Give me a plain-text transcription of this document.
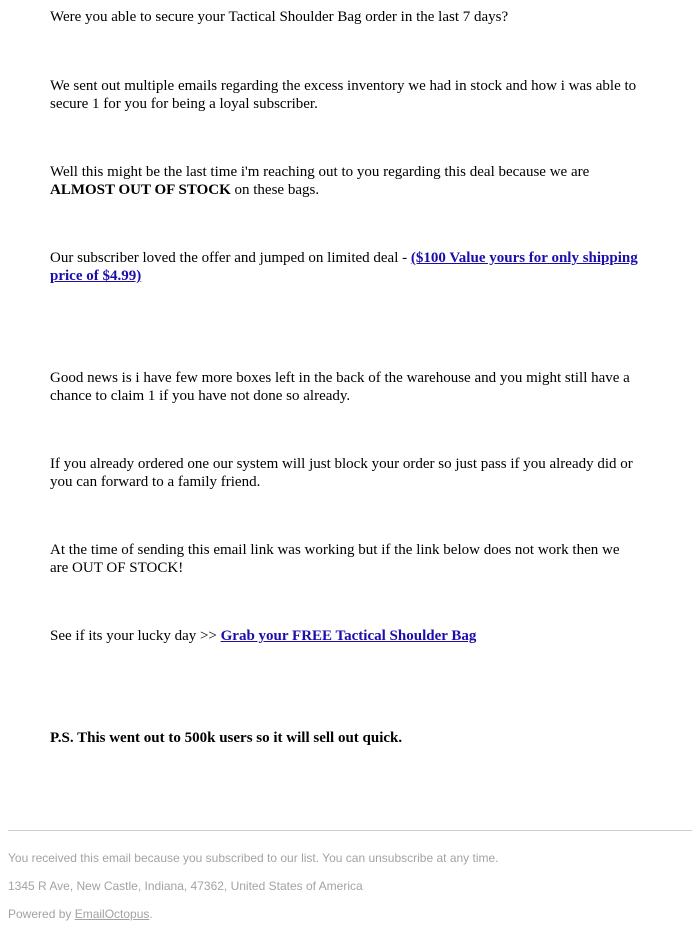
Were you able to secure your Tactical Shoulder Bag order in the last 7 days?

We sent out multiple emails regarding the excess inventory we had in stock and how i was able to secure 1 for you for being a loyal subscriber.

Well this might be the last time i'm reaching out to you regarding this deal because we are ALMOST OUT OF STOCK on these bags.

Our subscriber loved the offer and jumped on limited deal - ($100 Value yours for only shipping price of $4.99)

Good news is i have few more boxes left in the back of the warehouse and you might still have a chance to claim 1 if you have not done so already.

If you already ordered one our system will just block your order so just pass if you already did or you can forward to a family friend.

At the time of sending this email link was working but if the link below does not work then we are OUT OF STOCK!

See if its your lucky day >> Grab your FREE Tactical Shoulder Bag

P.S. This went out to 500k users so it will sell out quick.

You received this email because you subscribed to our list. You can unsubscribe at any time.

1345 R Ave, New Castle, Indiana, 47362, United States of America

Powered by EmailOctopus.
